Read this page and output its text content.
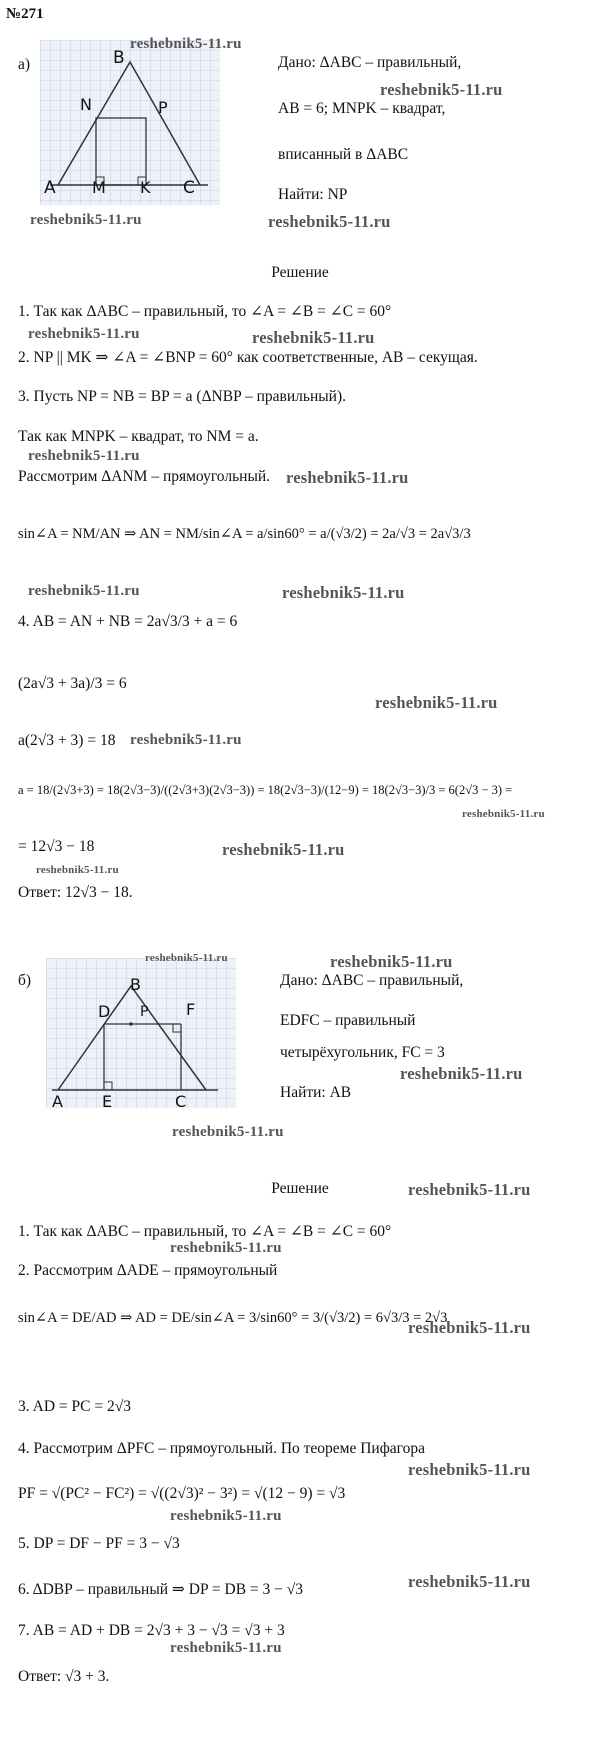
№271
а)	B
N	P
A M K C
Дано: ΔABC – правильный,
AB = 6; MNPK – квадрат,
вписанный в ΔABC
Найти: NP
Решение
1. Так как ΔABC – правильный, то ∠A = ∠B = ∠C = 60°
2. NP || MK ⇒ ∠A = ∠BNP = 60° как соответственные, AB – секущая.
3. Пусть NP = NB = BP = a (ΔNBP – правильный).
Так как MNPK – квадрат, то NM = a.
Рассмотрим ΔANM – прямоугольный.
sin∠A = NM/AN ⇒ AN = NM/sin∠A = a/sin60° = a/(√3/2) = 2a/√3 = 2a√3/3
4. AB = AN + NB = 2a√3/3 + a = 6
(2a√3 + 3a)/3 = 6
a(2√3 + 3) = 18
a = 18/(2√3+3) = 18(2√3−3)/((2√3+3)(2√3−3)) = 18(2√3−3)/(12−9) = 18(2√3−3)/3 = 6(2√3 − 3) =
= 12√3 − 18
Ответ: 12√3 − 18.
б)
D
B
P F
A E	C
Дано: ΔABC – правильный,
EDFC – правильный
четырёхугольник, FC = 3
Найти: AB
Решение
1. Так как ΔABC – правильный, то ∠A = ∠B = ∠C = 60°
2. Рассмотрим ΔADE – прямоугольный
sin∠A = DE/AD ⇒ AD = DE/sin∠A = 3/sin60° = 3/(√3/2) = 6√3/3 = 2√3
3. AD = PC = 2√3
4. Рассмотрим ΔPFC – прямоугольный. По теореме Пифагора
PF = √(PC² − FC²) = √((2√3)² − 3²) = √(12 − 9) = √3
5. DP = DF − PF = 3 − √3
6. ΔDBP – правильный ⇒ DP = DB = 3 − √3
7. AB = AD + DB = 2√3 + 3 − √3 = √3 + 3
Ответ: √3 + 3.
reshebnik5-11.ru
reshebnik5-11.ru
reshebnik5-11.ru	reshebnik5-11.ru
reshebnik5-11.ru	reshebnik5-11.ru
reshebnik5-11.ru
reshebnik5-11.ru
reshebnik5-11.ru	reshebnik5-11.ru
reshebnik5-11.ru
reshebnik5-11.ru
reshebnik5-11.ru
reshebnik5-11.ru
reshebnik5-11.ru
reshebnik5-11.ru	reshebnik5-11.ru
reshebnik5-11.ru
reshebnik5-11.ru
reshebnik5-11.ru
reshebnik5-11.ru
reshebnik5-11.ru
reshebnik5-11.ru
reshebnik5-11.ru
reshebnik5-11.ru
reshebnik5-11.ru
